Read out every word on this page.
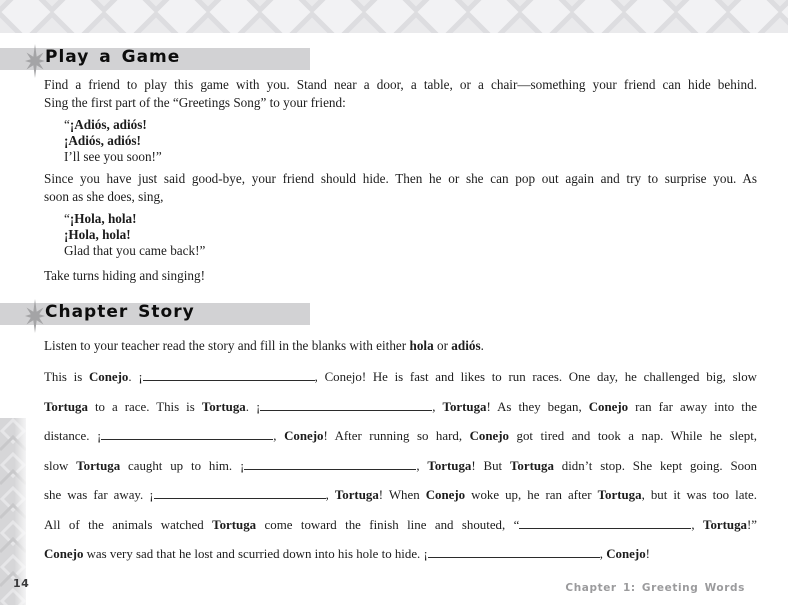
Play a Game
Find a friend to play this game with you. Stand near a door, a table, or a chair—something your friend can hide behind.
Sing the first part of the “Greetings Song” to your friend:
“¡Adiós, adiós!
¡Adiós, adiós!
I’ll see you soon!”
Since you have just said good-bye, your friend should hide. Then he or she can pop out again and try to surprise you. As
soon as she does, sing,
“¡Hola, hola!
¡Hola, hola!
Glad that you came back!”
Take turns hiding and singing!
Chapter Story
Listen to your teacher read the story and fill in the blanks with either hola or adiós.
This is Conejo. ¡	, Conejo! He is fast and likes to run races. One day, he challenged big, slow
Tortuga to a race. This is Tortuga. ¡	, Tortuga! As they began, Conejo ran far away into the
distance. ¡	, Conejo! After running so hard, Conejo got tired and took a nap. While he slept,
slow Tortuga caught up to him. ¡	, Tortuga! But Tortuga didn’t stop. She kept going. Soon
she was far away. ¡	, Tortuga! When Conejo woke up, he ran after Tortuga, but it was too late.
All of the animals watched Tortuga come toward the finish line and shouted, “	, Tortuga!”
Conejo was very sad that he lost and scurried down into his hole to hide. ¡	, Conejo!
14	Chapter 1: Greeting Words
